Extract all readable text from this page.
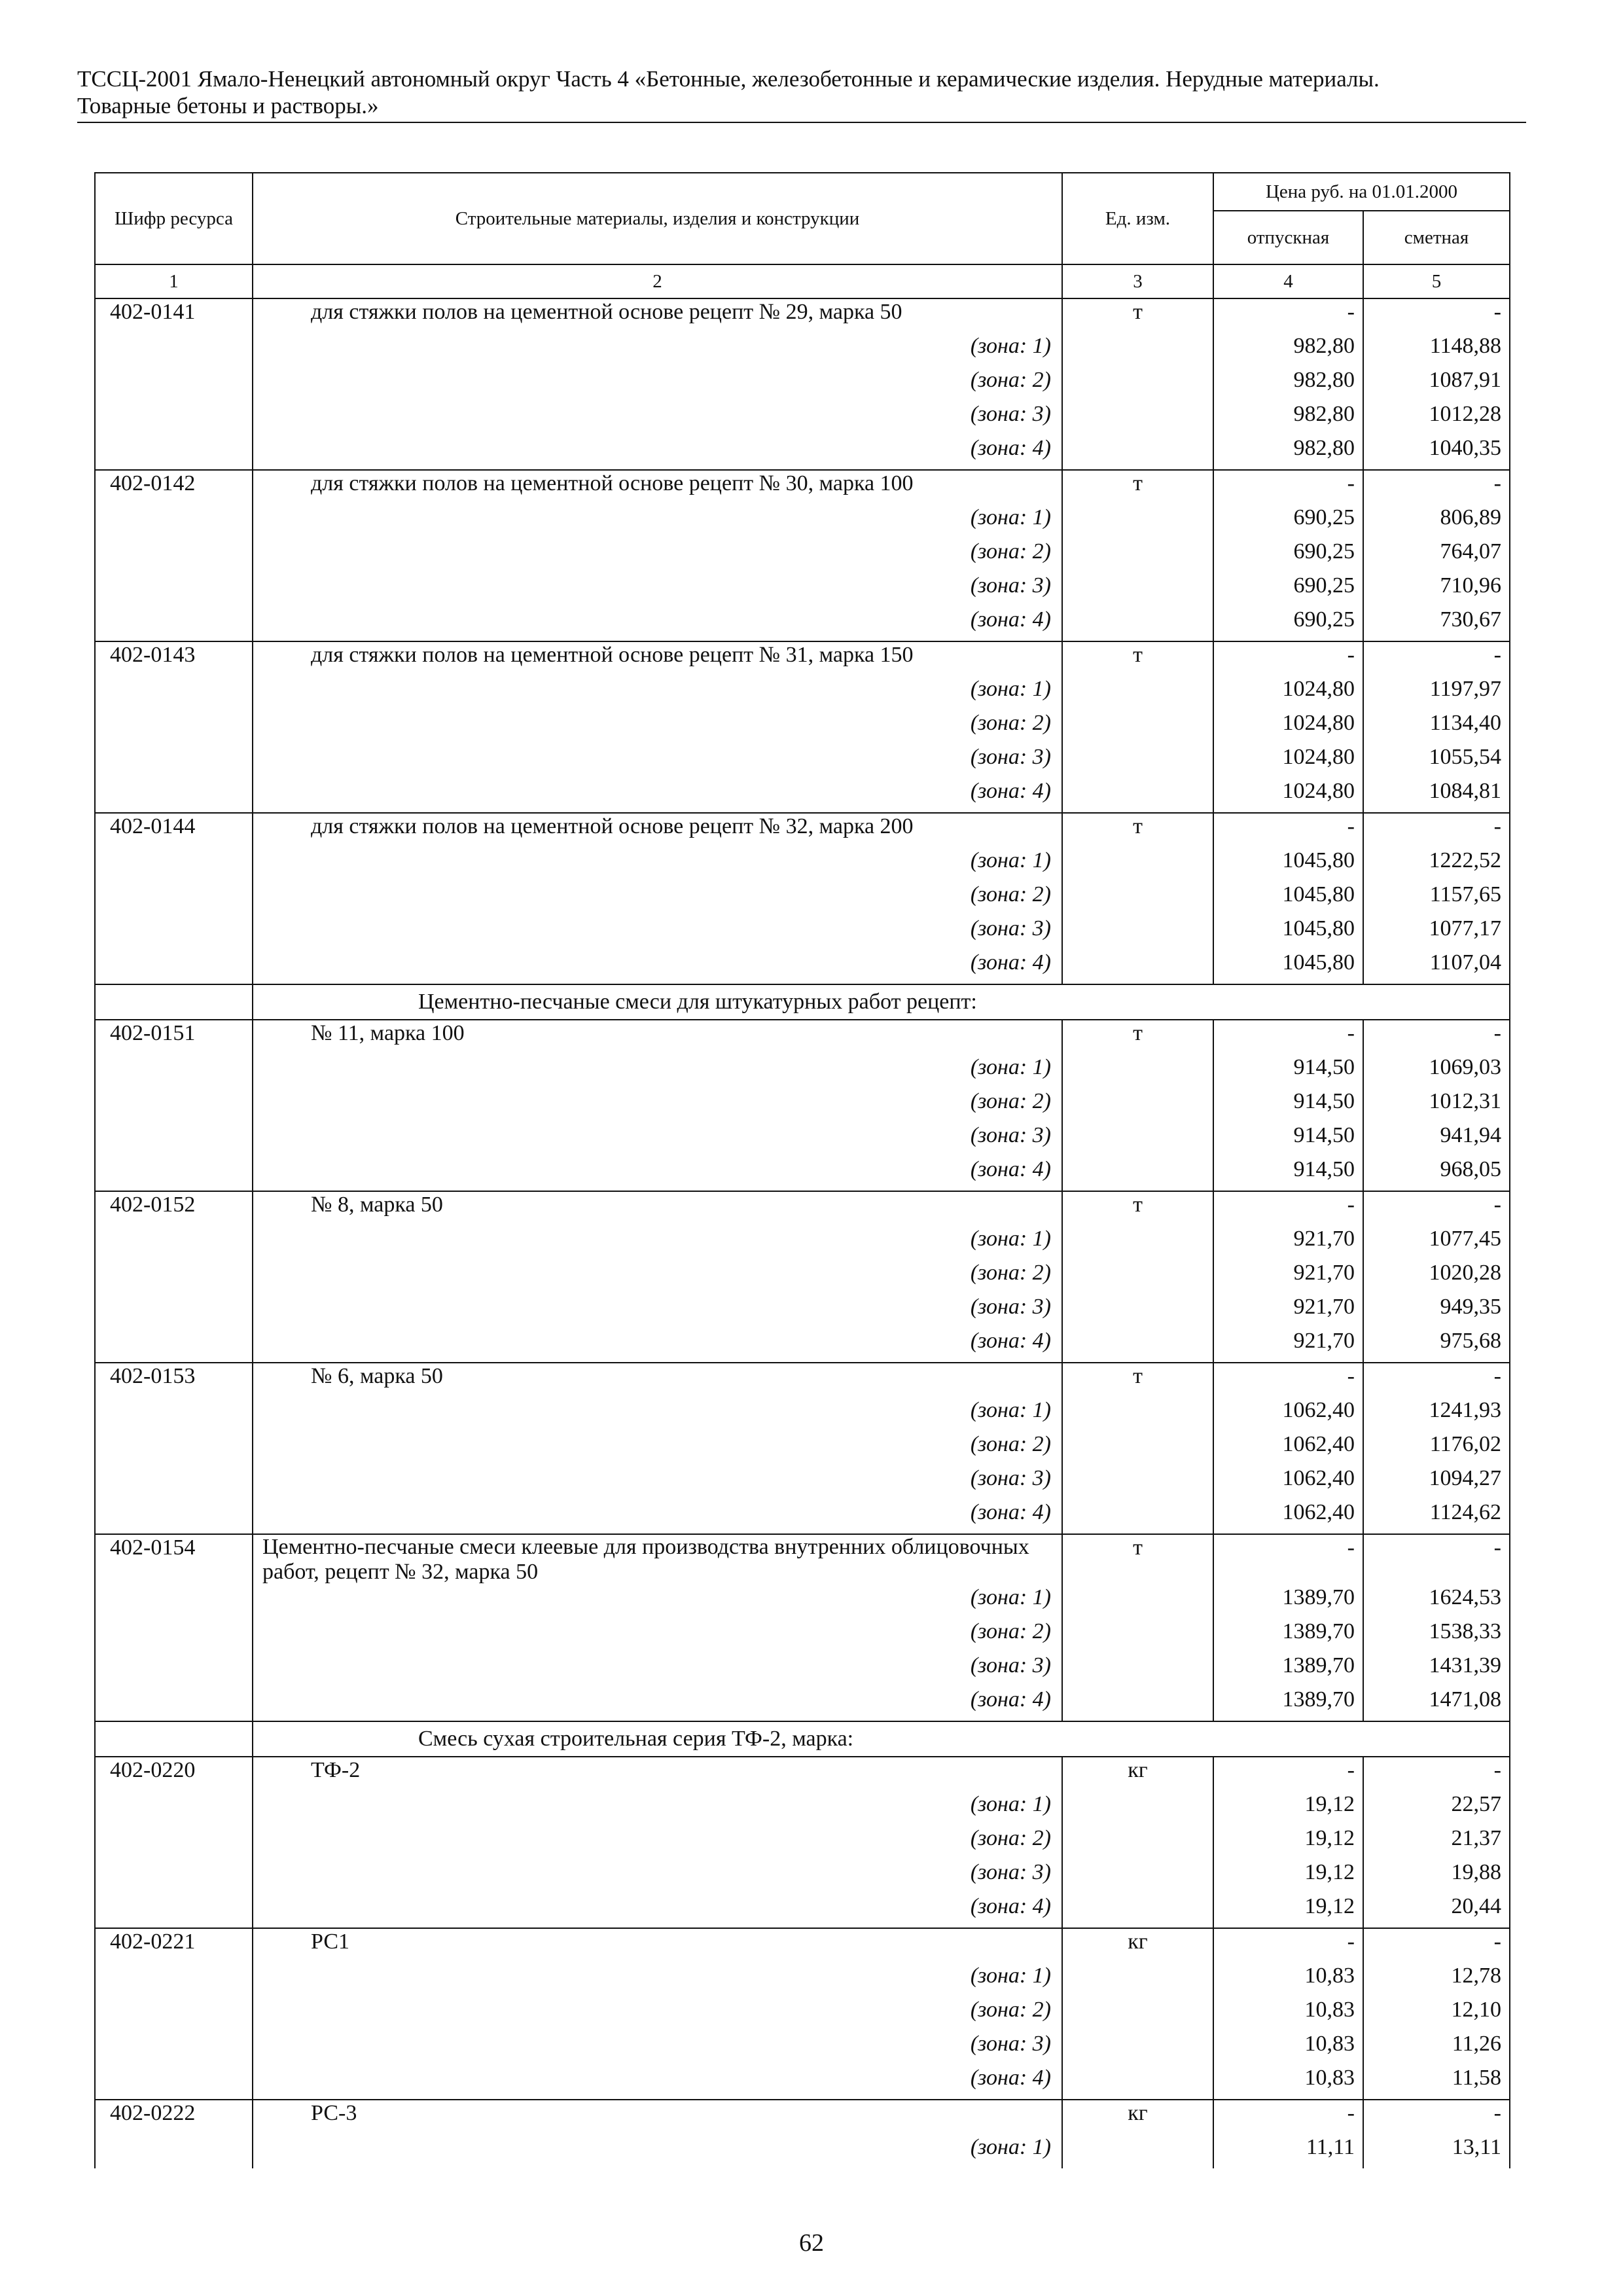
ТССЦ-2001 Ямало-Ненецкий автономный округ Часть 4 «Бетонные, железобетонные и керамические изделия. Нерудные материалы.
Товарные бетоны и растворы.»
Шифр ресурса	Строительные материалы, изделия и конструкции	Ед. изм.	Цена руб. на 01.01.2000	
			отпускная	сметная
1	2	3	4	5
402-0141	для стяжки полов на цементной основе рецепт № 29, марка 50	т	-	-
	(зона: 1)		982,80	1148,88
	(зона: 2)		982,80	1087,91
	(зона: 3)		982,80	1012,28
	(зона: 4)		982,80	1040,35
402-0142	для стяжки полов на цементной основе рецепт № 30, марка 100	т	-	-
	(зона: 1)		690,25	806,89
	(зона: 2)		690,25	764,07
	(зона: 3)		690,25	710,96
	(зона: 4)		690,25	730,67
402-0143	для стяжки полов на цементной основе рецепт № 31, марка 150	т	-	-
	(зона: 1)		1024,80	1197,97
	(зона: 2)		1024,80	1134,40
	(зона: 3)		1024,80	1055,54
	(зона: 4)		1024,80	1084,81
402-0144	для стяжки полов на цементной основе рецепт № 32, марка 200	т	-	-
	(зона: 1)		1045,80	1222,52
	(зона: 2)		1045,80	1157,65
	(зона: 3)		1045,80	1077,17
	(зона: 4)		1045,80	1107,04
	Цементно-песчаные смеси для штукатурных работ рецепт:			
402-0151	№ 11, марка 100	т	-	-
	(зона: 1)		914,50	1069,03
	(зона: 2)		914,50	1012,31
	(зона: 3)		914,50	941,94
	(зона: 4)		914,50	968,05
402-0152	№ 8, марка 50	т	-	-
	(зона: 1)		921,70	1077,45
	(зона: 2)		921,70	1020,28
	(зона: 3)		921,70	949,35
	(зона: 4)		921,70	975,68
402-0153	№ 6, марка 50	т	-	-
	(зона: 1)		1062,40	1241,93
	(зона: 2)		1062,40	1176,02
	(зона: 3)		1062,40	1094,27
	(зона: 4)		1062,40	1124,62
402-0154	Цементно-песчаные смеси клеевые для производства внутренних облицовочных работ, рецепт № 32, марка 50	т	-	-
	(зона: 1)		1389,70	1624,53
	(зона: 2)		1389,70	1538,33
	(зона: 3)		1389,70	1431,39
	(зона: 4)		1389,70	1471,08
	Смесь сухая строительная серия ТФ-2, марка:			
402-0220	ТФ-2	кг	-	-
	(зона: 1)		19,12	22,57
	(зона: 2)		19,12	21,37
	(зона: 3)		19,12	19,88
	(зона: 4)		19,12	20,44
402-0221	РС1	кг	-	-
	(зона: 1)		10,83	12,78
	(зона: 2)		10,83	12,10
	(зона: 3)		10,83	11,26
	(зона: 4)		10,83	11,58
402-0222	РС-3	кг	-	-
	(зона: 1)		11,11	13,11
62
